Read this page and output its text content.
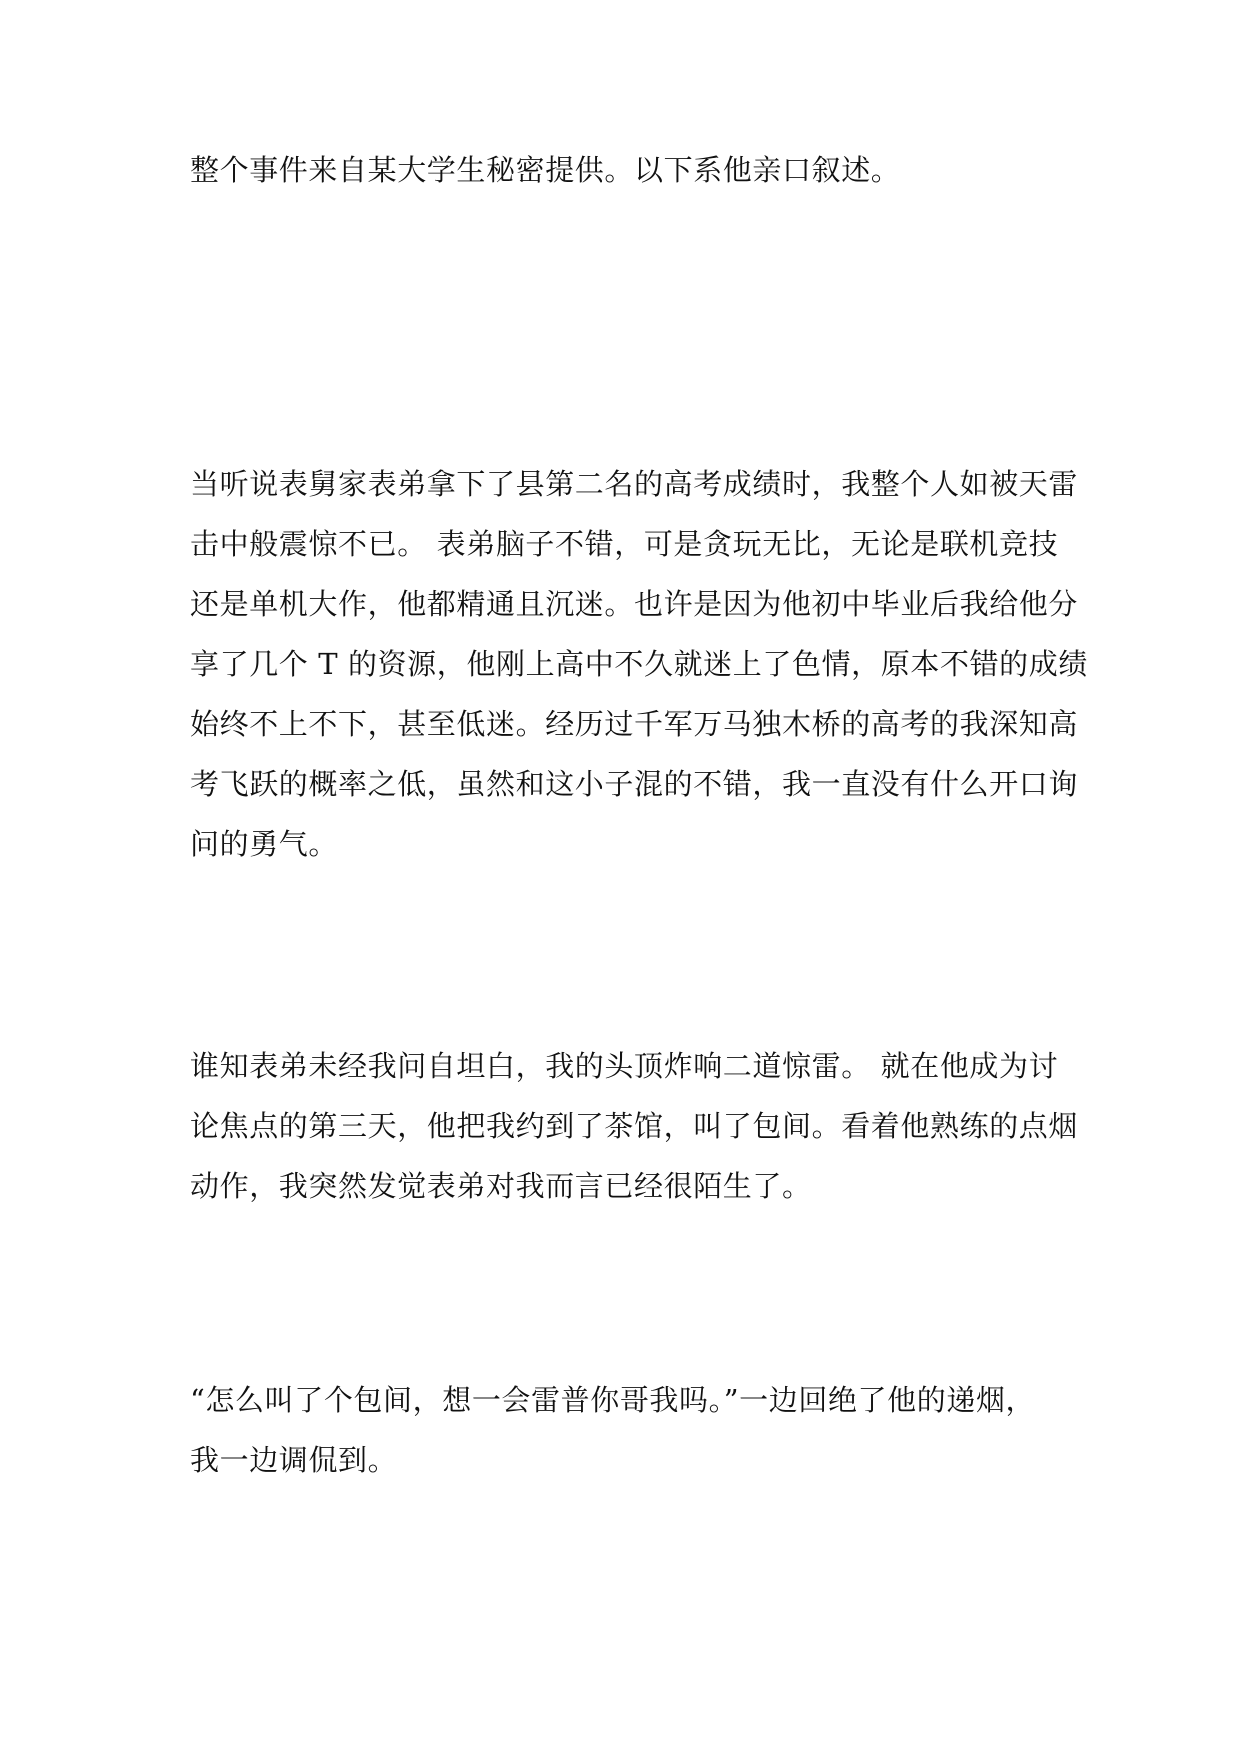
整个事件来自某大学生秘密提供。以下系他亲口叙述。
当听说表舅家表弟拿下了县第二名的高考成绩时，我整个人如被天雷
击中般震惊不已。 表弟脑子不错，可是贪玩无比，无论是联机竞技
还是单机大作，他都精通且沉迷。也许是因为他初中毕业后我给他分
享了几个 T 的资源，他刚上高中不久就迷上了色情，原本不错的成绩
始终不上不下，甚至低迷。经历过千军万马独木桥的高考的我深知高
考飞跃的概率之低，虽然和这小子混的不错，我一直没有什么开口询
问的勇气。
谁知表弟未经我问自坦白，我的头顶炸响二道惊雷。 就在他成为讨
论焦点的第三天，他把我约到了茶馆，叫了包间。看着他熟练的点烟
动作，我突然发觉表弟对我而言已经很陌生了。
“怎么叫了个包间，想一会雷普你哥我吗。”一边回绝了他的递烟，
我一边调侃到。
